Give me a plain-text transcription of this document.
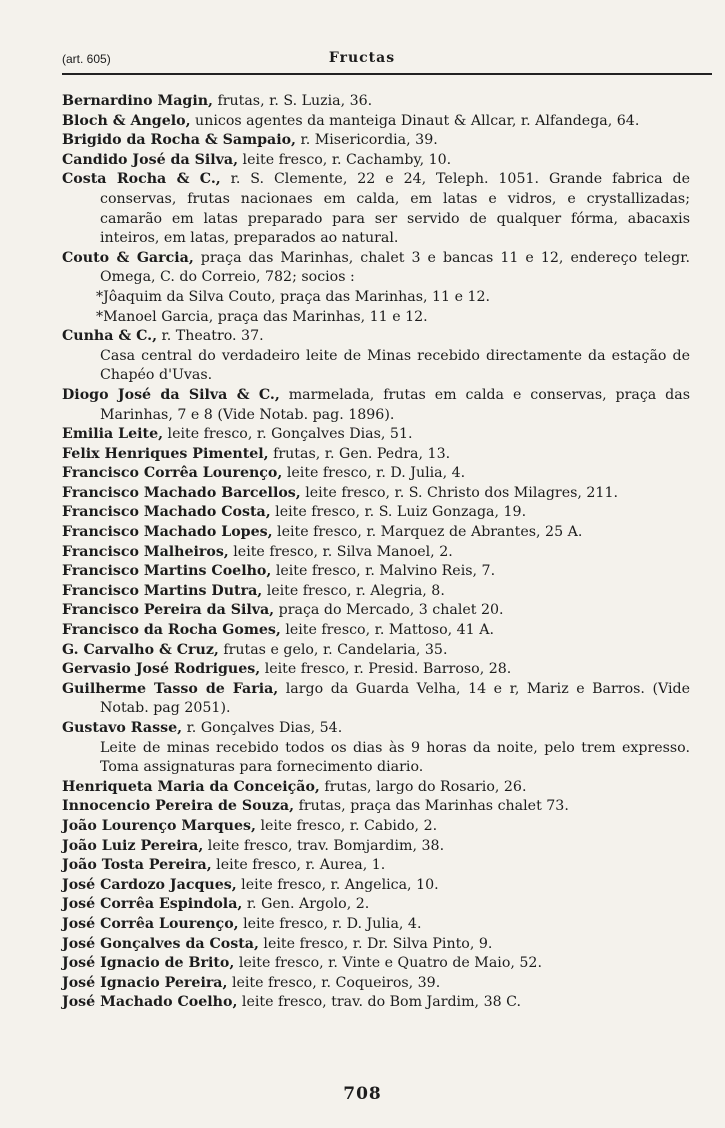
(art. 605)	Fructas
Bernardino Magin, frutas, r. S. Luzia, 36.
Bloch & Angelo, unicos agentes da manteiga Dinaut & Allcar, r. Alfandega, 64.
Brigido da Rocha & Sampaio, r. Misericordia, 39.
Candido José da Silva, leite fresco, r. Cachamby, 10.
Costa Rocha & C., r. S. Clemente, 22 e 24, Teleph. 1051. Grande fabrica de conservas, frutas nacionaes em calda, em latas e vidros, e crystallizadas; camarão em latas preparado para ser servido de qualquer fórma, abacaxis inteiros, em latas, preparados ao natural.
Couto & Garcia, praça das Marinhas, chalet 3 e bancas 11 e 12, endereço telegr. Omega, C. do Correio, 782; socios :
*Jôaquim da Silva Couto, praça das Marinhas, 11 e 12.
*Manoel Garcia, praça das Marinhas, 11 e 12.
Cunha & C., r. Theatro. 37.
Casa central do verdadeiro leite de Minas recebido directamente da estação de Chapéo d'Uvas.
Diogo José da Silva & C., marmelada, frutas em calda e conservas, praça das Marinhas, 7 e 8 (Vide Notab. pag. 1896).
Emilia Leite, leite fresco, r. Gonçalves Dias, 51.
Felix Henriques Pimentel, frutas, r. Gen. Pedra, 13.
Francisco Corrêa Lourenço, leite fresco, r. D. Julia, 4.
Francisco Machado Barcellos, leite fresco, r. S. Christo dos Milagres, 211.
Francisco Machado Costa, leite fresco, r. S. Luiz Gonzaga, 19.
Francisco Machado Lopes, leite fresco, r. Marquez de Abrantes, 25 A.
Francisco Malheiros, leite fresco, r. Silva Manoel, 2.
Francisco Martins Coelho, leite fresco, r. Malvino Reis, 7.
Francisco Martins Dutra, leite fresco, r. Alegria, 8.
Francisco Pereira da Silva, praça do Mercado, 3 chalet 20.
Francisco da Rocha Gomes, leite fresco, r. Mattoso, 41 A.
G. Carvalho & Cruz, frutas e gelo, r. Candelaria, 35.
Gervasio José Rodrigues, leite fresco, r. Presid. Barroso, 28.
Guilherme Tasso de Faria, largo da Guarda Velha, 14 e r, Mariz e Barros. (Vide Notab. pag 2051).
Gustavo Rasse, r. Gonçalves Dias, 54.
Leite de minas recebido todos os dias às 9 horas da noite, pelo trem expresso. Toma assignaturas para fornecimento diario.
Henriqueta Maria da Conceição, frutas, largo do Rosario, 26.
Innocencio Pereira de Souza, frutas, praça das Marinhas chalet 73.
João Lourenço Marques, leite fresco, r. Cabido, 2.
João Luiz Pereira, leite fresco, trav. Bomjardim, 38.
João Tosta Pereira, leite fresco, r. Aurea, 1.
José Cardozo Jacques, leite fresco, r. Angelica, 10.
José Corrêa Espindola, r. Gen. Argolo, 2.
José Corrêa Lourenço, leite fresco, r. D. Julia, 4.
José Gonçalves da Costa, leite fresco, r. Dr. Silva Pinto, 9.
José Ignacio de Brito, leite fresco, r. Vinte e Quatro de Maio, 52.
José Ignacio Pereira, leite fresco, r. Coqueiros, 39.
José Machado Coelho, leite fresco, trav. do Bom Jardim, 38 C.
708
